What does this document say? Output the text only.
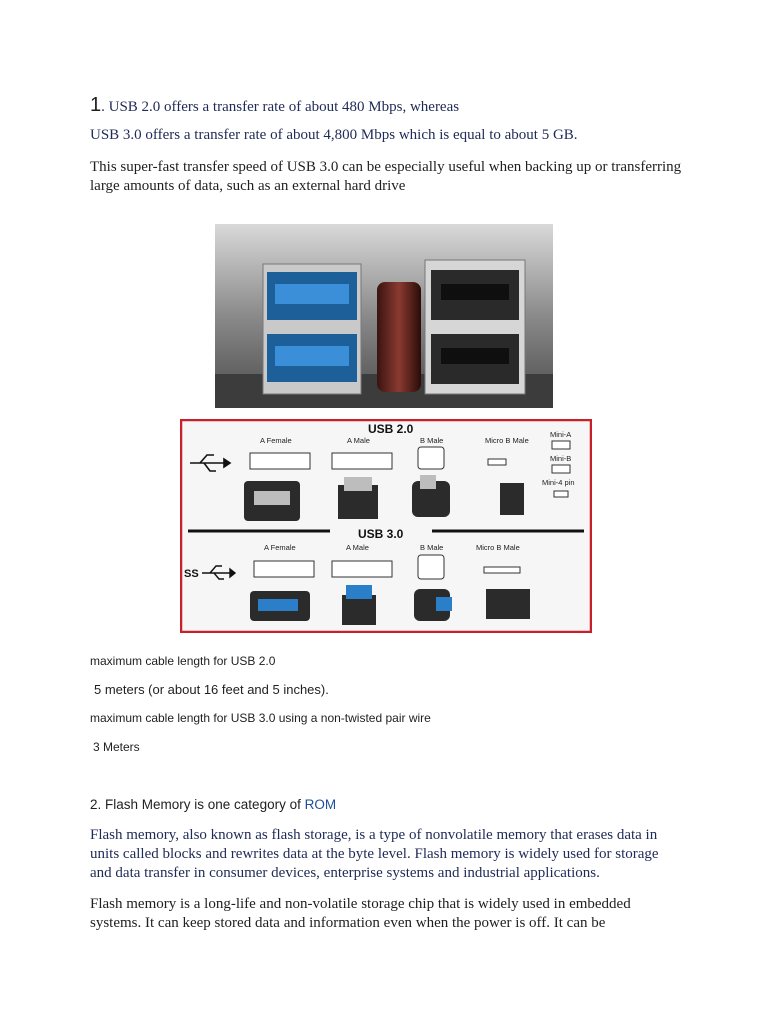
1. USB 2.0 offers a transfer rate of about 480 Mbps, whereas
USB 3.0 offers a transfer rate of about 4,800 Mbps which is equal to about 5 GB.
This super-fast transfer speed of USB 3.0 can be especially useful when backing up or transferring large amounts of data, such as an external hard drive
USB 2.0
A Female	A Male	B Male	Micro B Male
Mini-A
Mini-B
Mini-4 pin
USB 3.0
SS
A Female	A Male	B Male	Micro B Male
maximum cable length for USB 2.0
5 meters (or about 16 feet and 5 inches).
maximum cable length for USB 3.0 using a non-twisted pair wire
3 Meters
2. Flash Memory is one category of ROM
Flash memory, also known as flash storage, is a type of nonvolatile memory that erases data in units called blocks and rewrites data at the byte level. Flash memory is widely used for storage and data transfer in consumer devices, enterprise systems and industrial applications.
Flash memory is a long-life and non-volatile storage chip that is widely used in embedded systems. It can keep stored data and information even when the power is off. It can be
